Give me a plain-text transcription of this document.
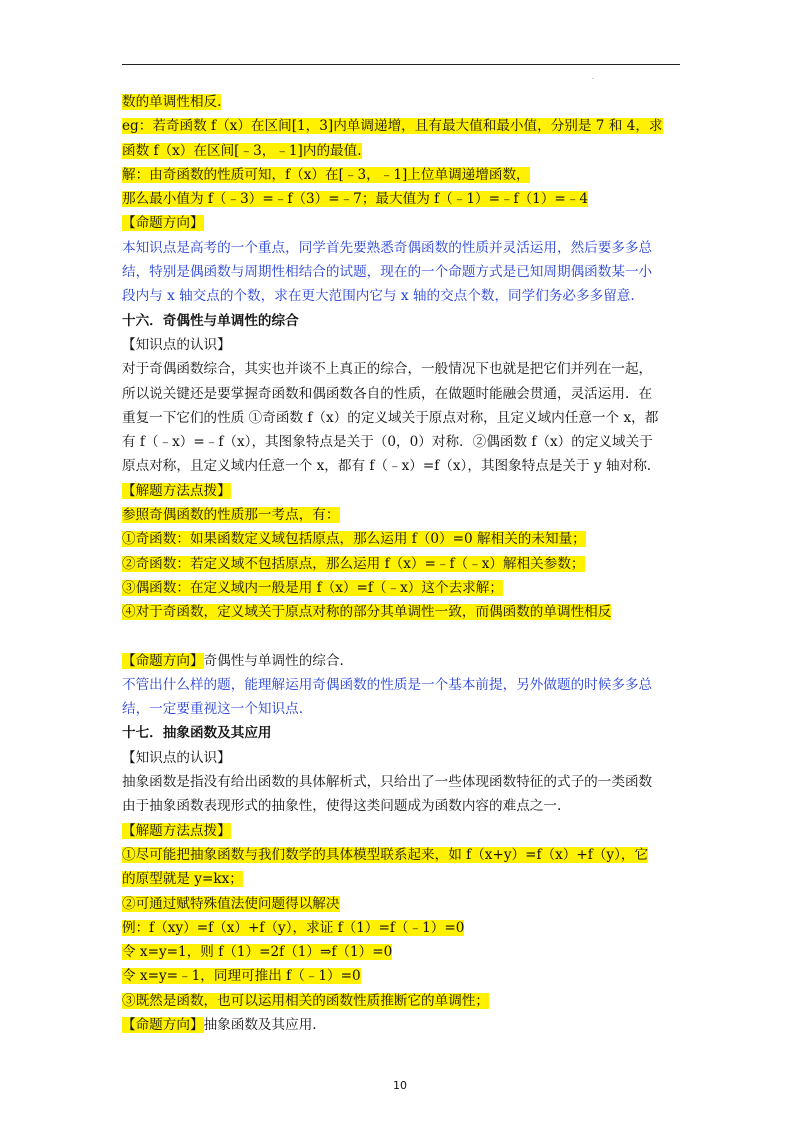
.
数的单调性相反.
eg：若奇函数 f（x）在区间[1，3]内单调递增，且有最大值和最小值，分别是 7 和 4，求
函数 f（x）在区间[﹣3，﹣1]内的最值.
解：由奇函数的性质可知，f（x）在[﹣3，﹣1]上位单调递增函数，
那么最小值为 f（﹣3）=﹣f（3）=﹣7；最大值为 f（﹣1）=﹣f（1）=﹣4
【命题方向】
本知识点是高考的一个重点，同学首先要熟悉奇偶函数的性质并灵活运用，然后要多多总
结，特别是偶函数与周期性相结合的试题，现在的一个命题方式是已知周期偶函数某一小
段内与 x 轴交点的个数，求在更大范围内它与 x 轴的交点个数，同学们务必多多留意.
十六．奇偶性与单调性的综合
【知识点的认识】
对于奇偶函数综合，其实也并谈不上真正的综合，一般情况下也就是把它们并列在一起，
所以说关键还是要掌握奇函数和偶函数各自的性质，在做题时能融会贯通，灵活运用．在
重复一下它们的性质 ①奇函数 f（x）的定义域关于原点对称，且定义域内任意一个 x，都
有 f（﹣x）=﹣f（x），其图象特点是关于（0，0）对称．②偶函数 f（x）的定义域关于
原点对称，且定义域内任意一个 x，都有 f（﹣x）=f（x），其图象特点是关于 y 轴对称.
【解题方法点拨】
参照奇偶函数的性质那一考点，有：
①奇函数：如果函数定义域包括原点，那么运用 f（0）=0 解相关的未知量；
②奇函数：若定义域不包括原点，那么运用 f（x）=﹣f（﹣x）解相关参数；
③偶函数：在定义域内一般是用 f（x）=f（﹣x）这个去求解；
④对于奇函数，定义域关于原点对称的部分其单调性一致，而偶函数的单调性相反
【命题方向】奇偶性与单调性的综合.
不管出什么样的题，能理解运用奇偶函数的性质是一个基本前提，另外做题的时候多多总
结，一定要重视这一个知识点.
十七．抽象函数及其应用
【知识点的认识】
抽象函数是指没有给出函数的具体解析式，只给出了一些体现函数特征的式子的一类函数
由于抽象函数表现形式的抽象性，使得这类问题成为函数内容的难点之一.
【解题方法点拨】
①尽可能把抽象函数与我们数学的具体模型联系起来，如 f（x+y）=f（x）+f（y），它
的原型就是 y=kx；
②可通过赋特殊值法使问题得以解决
例：f（xy）=f（x）+f（y），求证 f（1）=f（﹣1）=0
令 x=y=1，则 f（1）=2f（1）⇒f（1）=0
令 x=y=﹣1，同理可推出 f（﹣1）=0
③既然是函数，也可以运用相关的函数性质推断它的单调性；
【命题方向】抽象函数及其应用.
10
